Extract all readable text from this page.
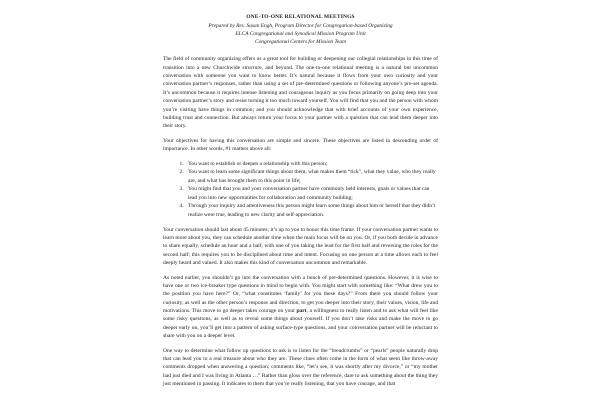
ONE-TO-ONE RELATIONAL MEETINGS
Prepared by Rev. Susan Engh, Program Director for Congregation-based Organizing
ELCA Congregational and Synodical Mission Program Unit
Congregational Centers for Mission Team

The field of community organizing offers us a great tool for building or deepening our collegial relationships in this time of transition into a new Churchwide structure, and beyond. The one-to-one relational meeting is a natural but uncommon conversation with someone you want to know better. It’s natural because it flows from your own curiosity and your conversation partner’s responses, rather than using a set of pre-determined questions or following anyone’s pre-set agenda. It’s uncommon because it requires intense listening and courageous inquiry as you focus primarily on going deep into your conversation partner’s story and resist turning it too much toward yourself. You will find that you and the person with whom you’re visiting have things in common; and you should acknowledge that with brief accounts of your own experience, building trust and connection. But always return your focus to your partner with a question that can lead them deeper into their story.

Your objectives for having this conversation are simple and sincere. These objectives are listed in descending order of importance. In other words, #1 matters above all:

1. You want to establish or deepen a relationship with this person;
2. You want to learn some significant things about them, what makes them “tick”, what they value, who they really are, and what has brought them to this point in life;
3. You might find that you and your conversation partner have commonly held interests, goals or values that can lead you into new opportunities for collaboration and community building;
4. Through your inquiry and attentiveness this person might learn some things about him or herself that they didn’t realize were true, leading to new clarity and self-appreciation.

Your conversation should last about 45 minutes; it’s up to you to honor this time frame. If your conversation partner wants to learn more about you, they can schedule another time when the main focus will be on you. Or, if you both decide in advance to share equally, schedule an hour and a half, with one of you taking the lead for the first half and reversing the roles for the second half; this requires you to be disciplined about time and intent. Focusing on one person at a time allows each to feel deeply heard and valued. It also makes this kind of conversation uncommon and remarkable.

As noted earlier, you shouldn’t go into the conversation with a bunch of pre-determined questions. However, it is wise to have one or two ice-breaker type questions in mind to begin with. You might start with something like: “What drew you to the position you have here?” Or, “what constitutes ‘family’ for you these days?” From there you should follow your curiosity, as well as the other person’s response and direction, to get you deeper into their story, their values, vision, life and motivations. This move to go deeper takes courage on your part, a willingness to really listen and to ask what will feel like some risky questions, as well as to reveal some things about yourself. If you don’t take risks and make the move to go deeper early on, you’ll get into a pattern of asking surface-type questions, and your conversation partner will be reluctant to share with you on a deeper level.

One way to determine what follow up questions to ask is to listen for the “breadcrumbs” or “pearls” people naturally drop that can lead you to a real treasure about who they are. These clues often come in the form of what seem like throw-away comments dropped when answering a question; comments like, “let’s see, it was shortly after my divorce,” or “my mother had just died and I was living in Atlanta …” Rather than gloss over the reference, dare to ask something about the thing they just mentioned in passing. It indicates to them that you’re really listening, that you have courage, and that
